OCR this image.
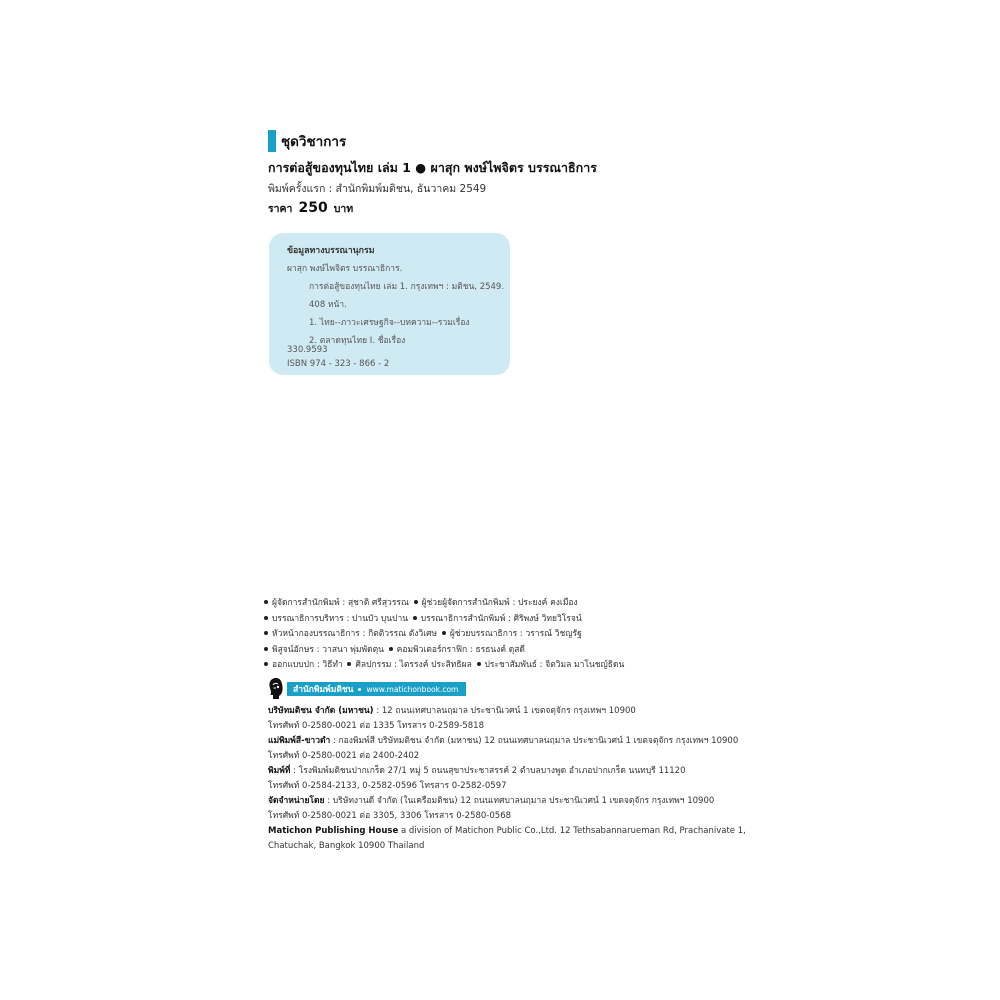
ชุดวิชาการ
การต่อสู้ของทุนไทย เล่ม 1 ● ผาสุก พงษ์ไพจิตร บรรณาธิการ
พิมพ์ครั้งแรก : สำนักพิมพ์มติชน, ธันวาคม 2549
ราคา 250 บาท
ข้อมูลทางบรรณานุกรม
ผาสุก พงษ์ไพจิตร บรรณาธิการ.
การต่อสู้ของทุนไทย เล่ม 1. กรุงเทพฯ : มติชน, 2549.
408 หน้า.
1. ไทย--ภาวะเศรษฐกิจ--บทความ--รวมเรื่อง
2. ตลาดทุนไทย I. ชื่อเรื่อง
330.9593
ISBN 974 - 323 - 866 - 2
ผู้จัดการสำนักพิมพ์ : สุชาติ ศรีสุวรรณ ผู้ช่วยผู้จัดการสำนักพิมพ์ : ประยงค์ คงเมือง
บรรณาธิการบริหาร : ปานบัว บุนปาน บรรณาธิการสำนักพิมพ์ : ศิริพงษ์ วิทยวิโรจน์
หัวหน้ากองบรรณาธิการ : กิตติวรรณ ตังวิเศษ ผู้ช่วยบรรณาธิการ : วรารณ์ วิชญรัฐ
พิสูจน์อักษร : วาสนา พุ่มพัดตุน คอมพิวเตอร์กราฟิก : ธรธนงค์ ดุสดี
ออกแบบปก : วิธีทำ ศิลปกรรม : ไตรรงค์ ประสิทธิผล ประชาสัมพันธ์ : จิตวิมล มาโนชญ์ธิดน
สำนักพิมพ์มติชน www.matichonbook.com
บริษัทมติชน จำกัด (มหาชน) : 12 ถนนเทศบาลนฤมาล ประชานิเวศน์ 1 เขตจตุจักร กรุงเทพฯ 10900
โทรศัพท์ 0-2580-0021 ต่อ 1335 โทรสาร 0-2589-5818
แม่พิมพ์สี-ขาวดำ : กองพิมพ์สี บริษัทมติชน จำกัด (มหาชน) 12 ถนนเทศบาลนฤมาล ประชานิเวศน์ 1 เขตจตุจักร กรุงเทพฯ 10900
โทรศัพท์ 0-2580-0021 ต่อ 2400-2402
พิมพ์ที่ : โรงพิมพ์มติชนปากเกร็ด 27/1 หมู่ 5 ถนนสุขาประชาสรรค์ 2 ตำบลบางพูด อำเภอปากเกร็ด นนทบุรี 11120
โทรศัพท์ 0-2584-2133, 0-2582-0596 โทรสาร 0-2582-0597
จัดจำหน่ายโดย : บริษัทงานดี จำกัด (ในเครือมติชน) 12 ถนนเทศบาลนฤมาล ประชานิเวศน์ 1 เขตจตุจักร กรุงเทพฯ 10900
โทรศัพท์ 0-2580-0021 ต่อ 3305, 3306 โทรสาร 0-2580-0568
Matichon Publishing House a division of Matichon Public Co.,Ltd. 12 Tethsabannarueman Rd, Prachanivate 1,
Chatuchak, Bangkok 10900 Thailand
